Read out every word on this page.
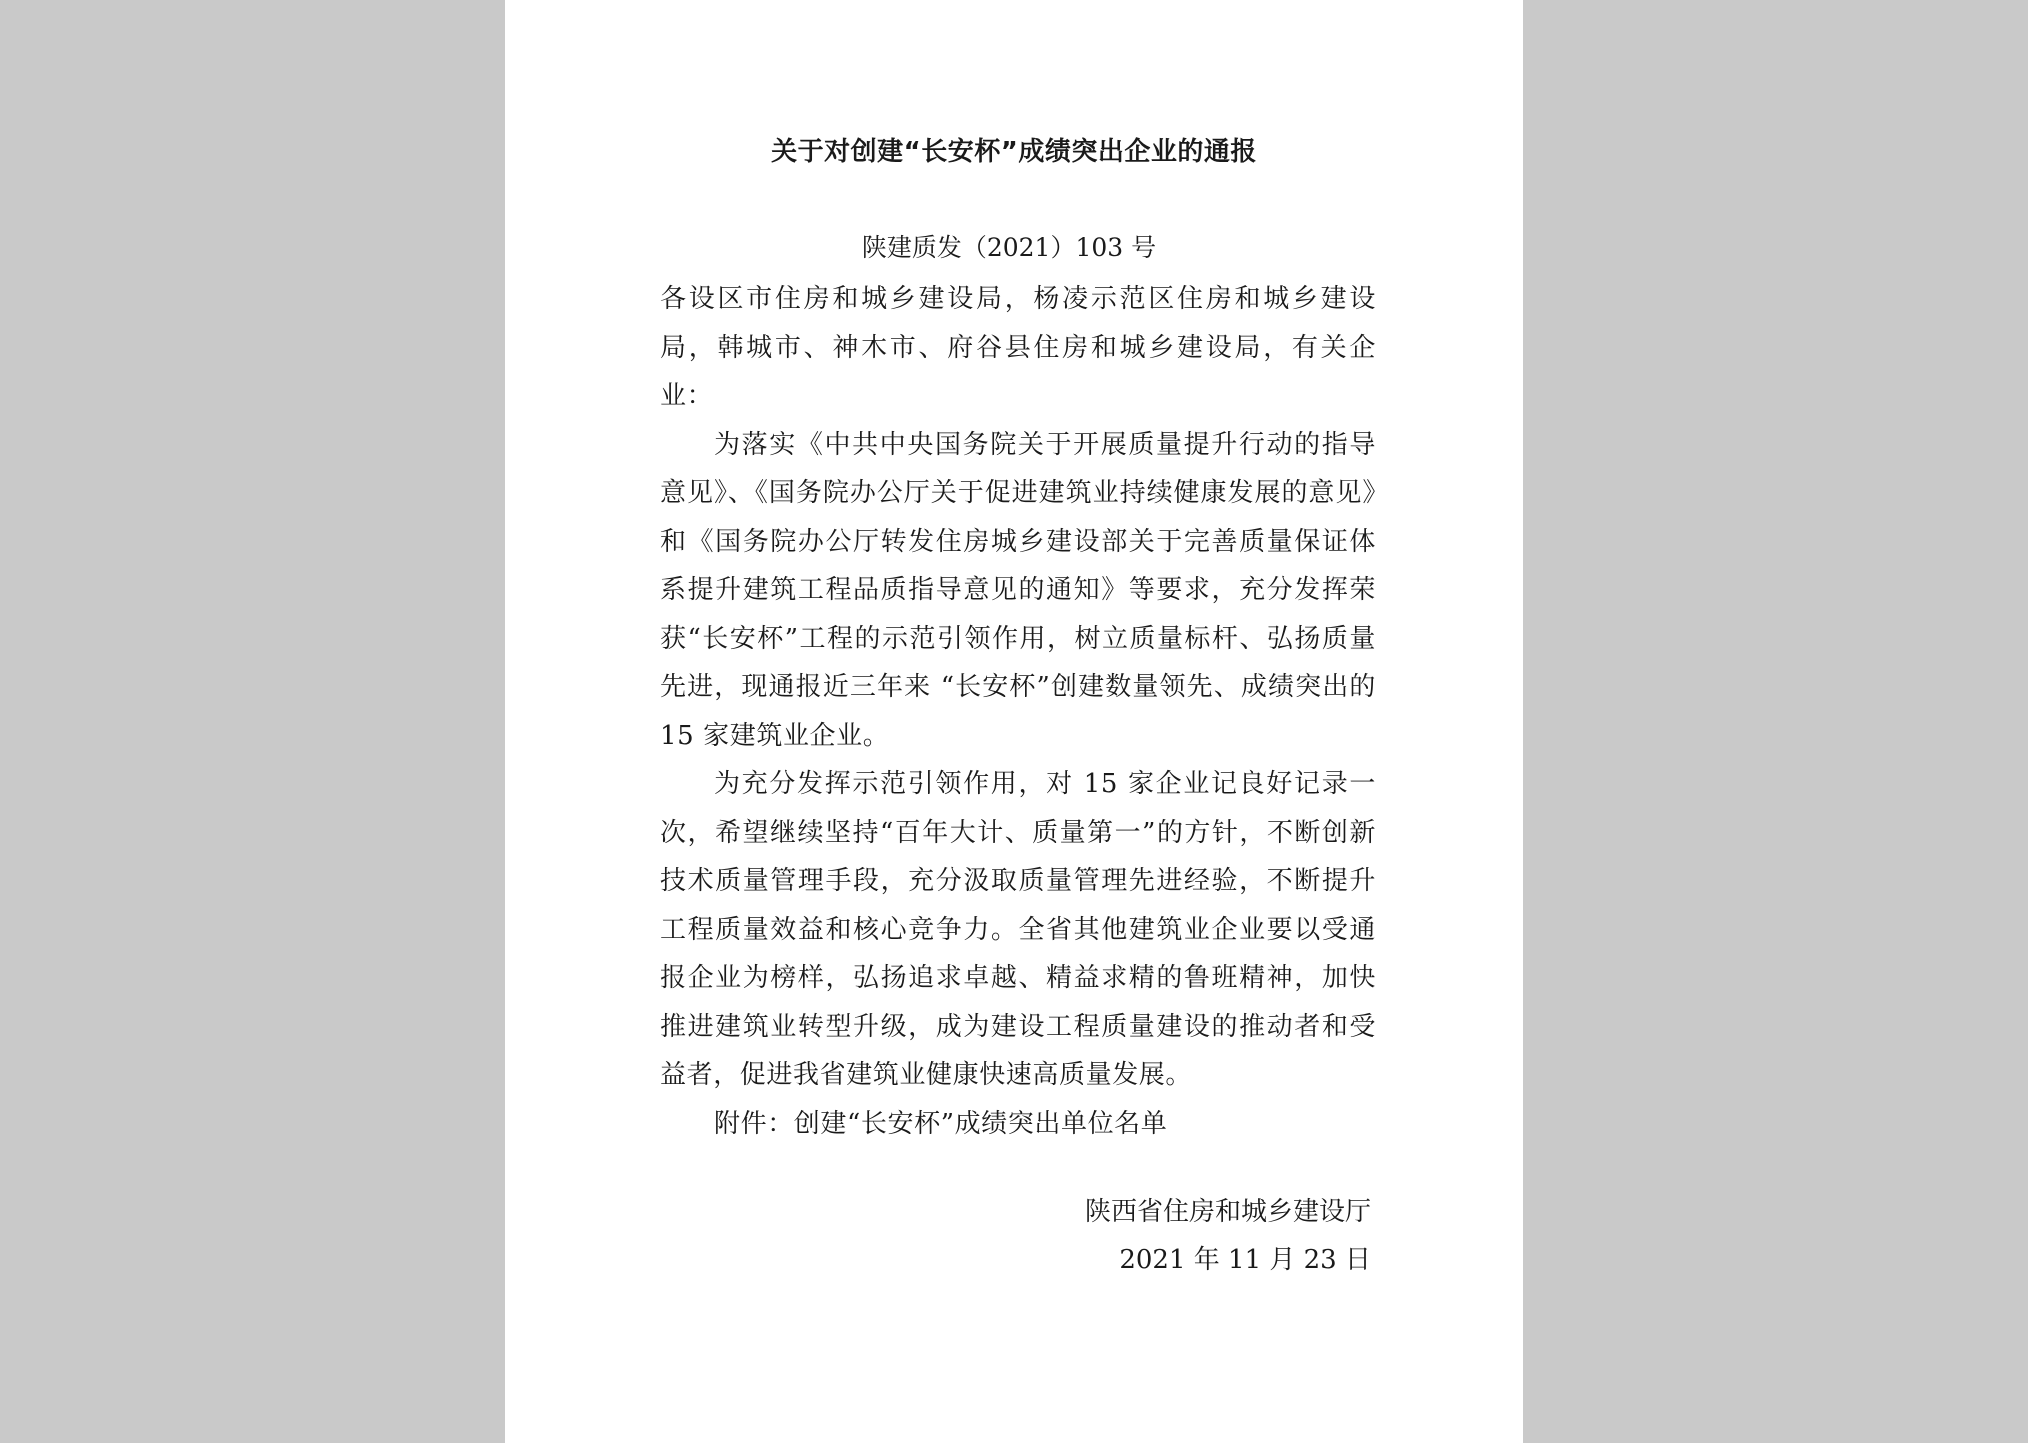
关于对创建“长安杯”成绩突出企业的通报
陕建质发（2021）103 号

各设区市住房和城乡建设局，杨凌示范区住房和城乡建设局，韩城市、神木市、府谷县住房和城乡建设局，有关企业：

为落实《中共中央国务院关于开展质量提升行动的指导意见》、《国务院办公厅关于促进建筑业持续健康发展的意见》和《国务院办公厅转发住房城乡建设部关于完善质量保证体系提升建筑工程品质指导意见的通知》等要求，充分发挥荣获“长安杯”工程的示范引领作用，树立质量标杆、弘扬质量先进，现通报近三年来 “长安杯”创建数量领先、成绩突出的 15 家建筑业企业。

为充分发挥示范引领作用，对 15 家企业记良好记录一次，希望继续坚持“百年大计、质量第一”的方针，不断创新技术质量管理手段，充分汲取质量管理先进经验，不断提升工程质量效益和核心竞争力。全省其他建筑业企业要以受通报企业为榜样，弘扬追求卓越、精益求精的鲁班精神，加快推进建筑业转型升级，成为建设工程质量建设的推动者和受益者，促进我省建筑业健康快速高质量发展。

附件：创建“长安杯”成绩突出单位名单

陕西省住房和城乡建设厅
2021 年 11 月 23 日
